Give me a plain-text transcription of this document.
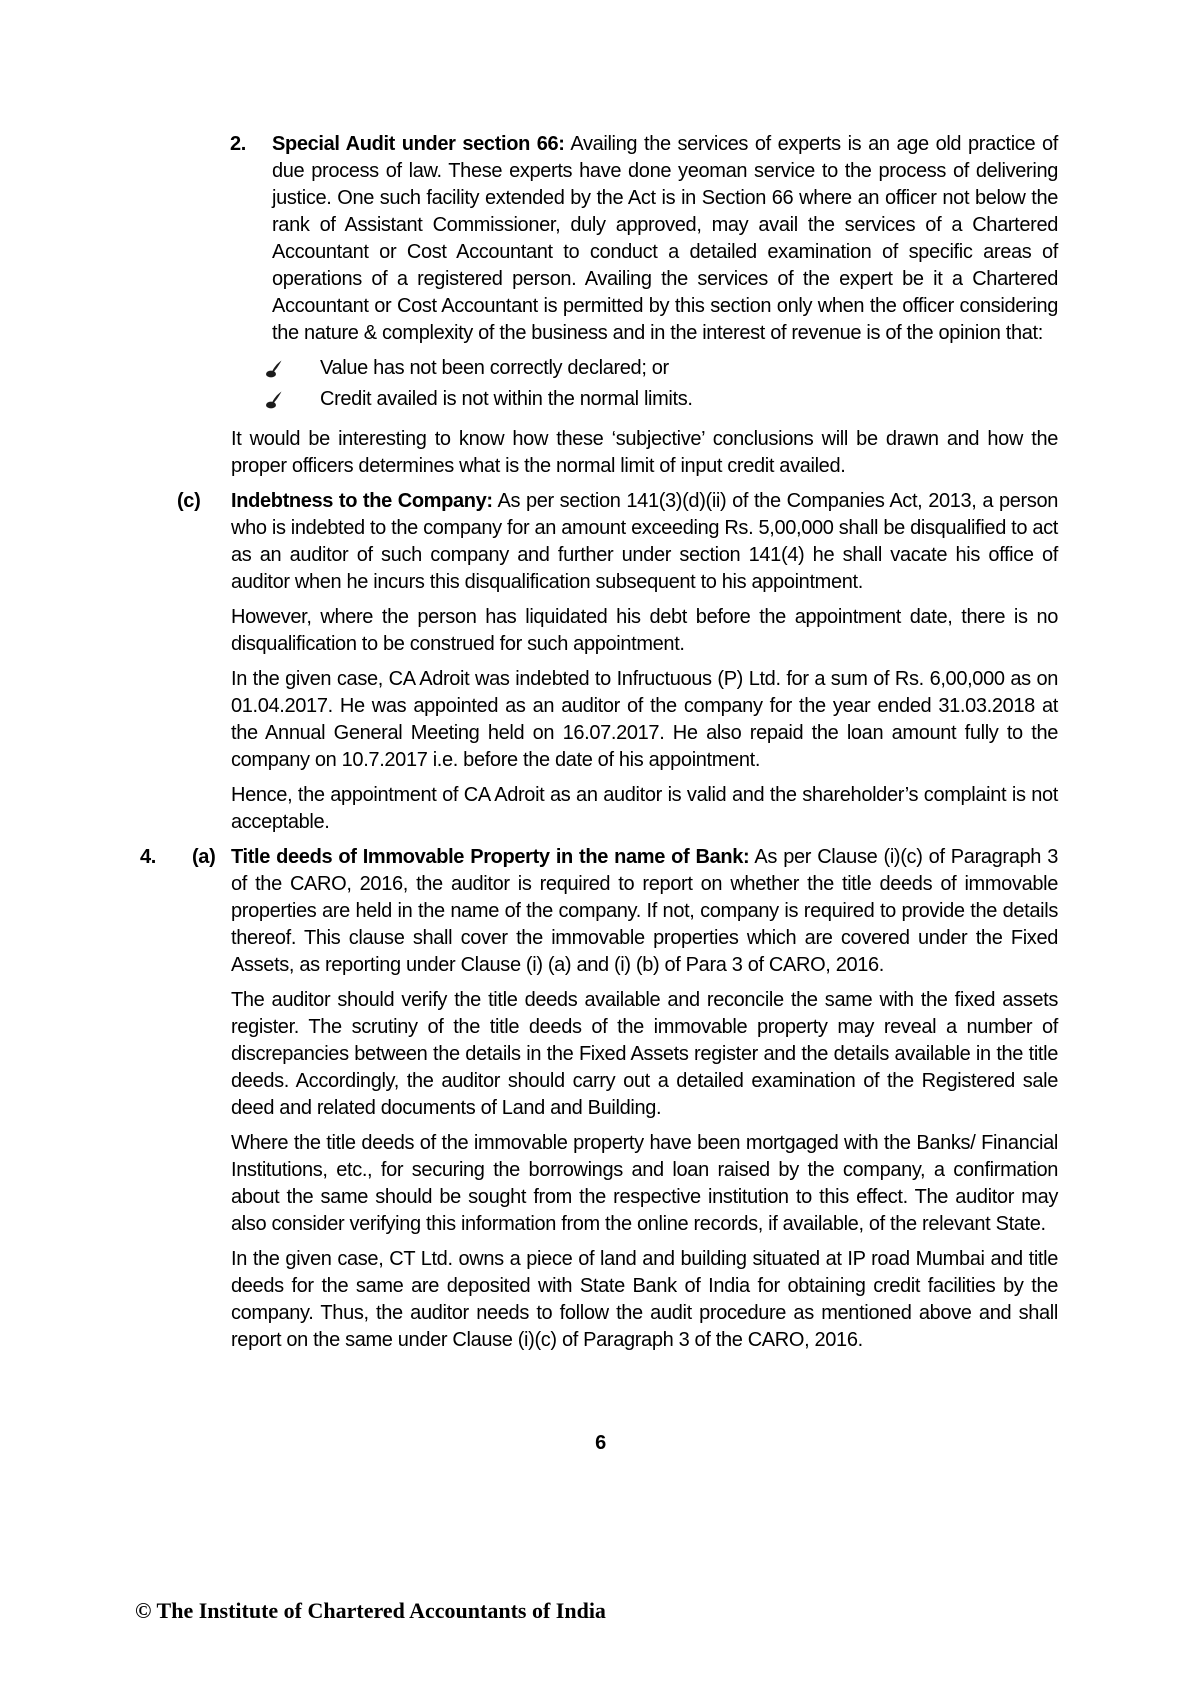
2.	Special Audit under section 66: Availing the services of experts is an age old practice of due process of law. These experts have done yeoman service to the process of delivering justice. One such facility extended by the Act is in Section 66 where an officer not below the rank of Assistant Commissioner, duly approved, may avail the services of a Chartered Accountant or Cost Accountant to conduct a detailed examination of specific areas of operations of a registered person. Availing the services of the expert be it a Chartered Accountant or Cost Accountant is permitted by this section only when the officer considering the nature & complexity of the business and in the interest of revenue is of the opinion that:
Value has not been correctly declared; or
Credit availed is not within the normal limits.
It would be interesting to know how these ‘subjective’ conclusions will be drawn and how the proper officers determines what is the normal limit of input credit availed.
(c)	Indebtness to the Company: As per section 141(3)(d)(ii) of the Companies Act, 2013, a person who is indebted to the company for an amount exceeding Rs. 5,00,000 shall be disqualified to act as an auditor of such company and further under section 141(4) he shall vacate his office of auditor when he incurs this disqualification subsequent to his appointment.
However, where the person has liquidated his debt before the appointment date, there is no disqualification to be construed for such appointment.
In the given case, CA Adroit was indebted to Infructuous (P) Ltd. for a sum of Rs. 6,00,000 as on 01.04.2017. He was appointed as an auditor of the company for the year ended 31.03.2018 at the Annual General Meeting held on 16.07.2017. He also repaid the loan amount fully to the company on 10.7.2017 i.e. before the date of his appointment.
Hence, the appointment of CA Adroit as an auditor is valid and the shareholder’s complaint is not acceptable.
4.	(a) Title deeds of Immovable Property in the name of Bank: As per Clause (i)(c) of Paragraph 3 of the CARO, 2016, the auditor is required to report on whether the title deeds of immovable properties are held in the name of the company. If not, company is required to provide the details thereof. This clause shall cover the immovable properties which are covered under the Fixed Assets, as reporting under Clause (i) (a) and (i) (b) of Para 3 of CARO, 2016.
The auditor should verify the title deeds available and reconcile the same with the fixed assets register. The scrutiny of the title deeds of the immovable property may reveal a number of discrepancies between the details in the Fixed Assets register and the details available in the title deeds. Accordingly, the auditor should carry out a detailed examination of the Registered sale deed and related documents of Land and Building.
Where the title deeds of the immovable property have been mortgaged with the Banks/ Financial Institutions, etc., for securing the borrowings and loan raised by the company, a confirmation about the same should be sought from the respective institution to this effect. The auditor may also consider verifying this information from the online records, if available, of the relevant State.
In the given case, CT Ltd. owns a piece of land and building situated at IP road Mumbai and title deeds for the same are deposited with State Bank of India for obtaining credit facilities by the company. Thus, the auditor needs to follow the audit procedure as mentioned above and shall report on the same under Clause (i)(c) of Paragraph 3 of the CARO, 2016.
6
© The Institute of Chartered Accountants of India
